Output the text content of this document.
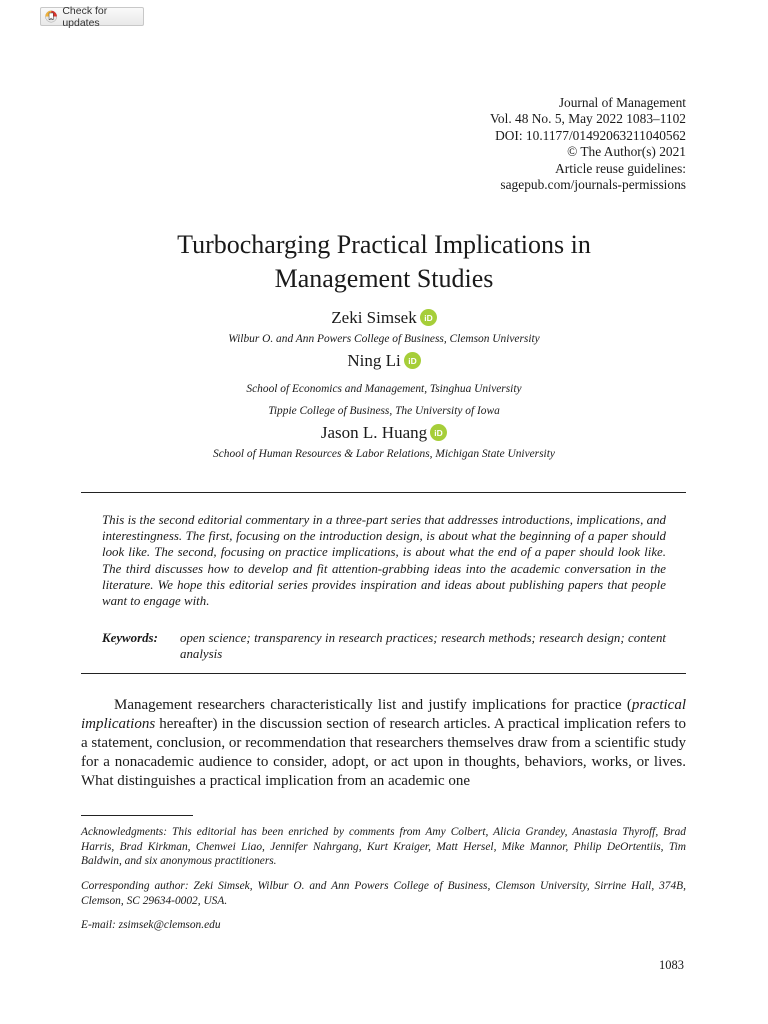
Check for updates
Journal of Management
Vol. 48 No. 5, May 2022 1083–1102
DOI: 10.1177/01492063211040562
© The Author(s) 2021
Article reuse guidelines:
sagepub.com/journals-permissions
Turbocharging Practical Implications in
Management Studies
Zeki Simsek iD
Wilbur O. and Ann Powers College of Business, Clemson University
Ning Li iD
School of Economics and Management, Tsinghua University
Tippie College of Business, The University of Iowa
Jason L. Huang iD
School of Human Resources & Labor Relations, Michigan State University

This is the second editorial commentary in a three-part series that addresses introductions, implications, and interestingness. The first, focusing on the introduction design, is about what the beginning of a paper should look like. The second, focusing on practice implications, is about what the end of a paper should look like. The third discusses how to develop and fit attention-grabbing ideas into the academic conversation in the literature. We hope this editorial series provides inspiration and ideas about publishing papers that people want to engage with.

Keywords:	open science; transparency in research practices; research methods; research design; content analysis

Management researchers characteristically list and justify implications for practice (practical implications hereafter) in the discussion section of research articles. A practical implication refers to a statement, conclusion, or recommendation that researchers themselves draw from a scientific study for a nonacademic audience to consider, adopt, or act upon in thoughts, behaviors, works, or lives. What distinguishes a practical implication from an academic one

Acknowledgments: This editorial has been enriched by comments from Amy Colbert, Alicia Grandey, Anastasia Thyroff, Brad Harris, Brad Kirkman, Chenwei Liao, Jennifer Nahrgang, Kurt Kraiger, Matt Hersel, Mike Mannor, Philip DeOrtentiis, Tim Baldwin, and six anonymous practitioners.

Corresponding author: Zeki Simsek, Wilbur O. and Ann Powers College of Business, Clemson University, Sirrine Hall, 374B, Clemson, SC 29634-0002, USA.

E-mail: zsimsek@clemson.edu

1083
